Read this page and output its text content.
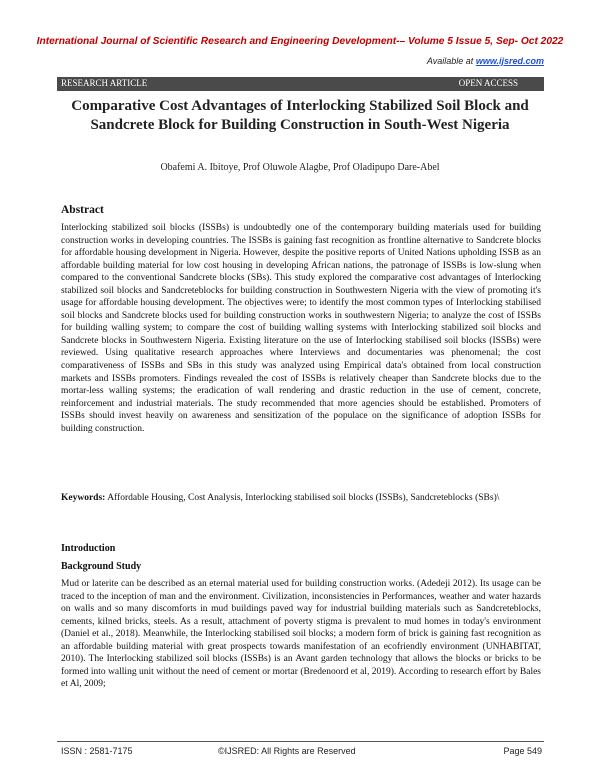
International Journal of Scientific Research and Engineering Development-– Volume 5 Issue 5, Sep- Oct 2022
Available at www.ijsred.com
RESEARCH ARTICLE	OPEN ACCESS
Comparative Cost Advantages of Interlocking Stabilized Soil Block and Sandcrete Block for Building Construction in South-West Nigeria
Obafemi A. Ibitoye, Prof Oluwole Alagbe, Prof Oladipupo Dare-Abel
Abstract
Interlocking stabilized soil blocks (ISSBs) is undoubtedly one of the contemporary building materials used for building construction works in developing countries. The ISSBs is gaining fast recognition as frontline alternative to Sandcrete blocks for affordable housing development in Nigeria. However, despite the positive reports of United Nations upholding ISSB as an affordable building material for low cost housing in developing African nations, the patronage of ISSBs is low-slung when compared to the conventional Sandcrete blocks (SBs). This study explored the comparative cost advantages of Interlocking stabilized soil blocks and Sandcreteblocks for building construction in Southwestern Nigeria with the view of promoting it's usage for affordable housing development. The objectives were; to identify the most common types of Interlocking stabilised soil blocks and Sandcrete blocks used for building construction works in southwestern Nigeria; to analyze the cost of ISSBs for building walling system; to compare the cost of building walling systems with Interlocking stabilized soil blocks and Sandcrete blocks in Southwestern Nigeria. Existing literature on the use of Interlocking stabilised soil blocks (ISSBs) were reviewed. Using qualitative research approaches where Interviews and documentaries was phenomenal; the cost comparativeness of ISSBs and SBs in this study was analyzed using Empirical data's obtained from local construction markets and ISSBs promoters. Findings revealed the cost of ISSBs is relatively cheaper than Sandcrete blocks due to the mortar-less walling systems; the eradication of wall rendering and drastic reduction in the use of cement, concrete, reinforcement and industrial materials. The study recommended that more agencies should be established. Promoters of ISSBs should invest heavily on awareness and sensitization of the populace on the significance of adoption ISSBs for building construction.
Keywords: Affordable Housing, Cost Analysis, Interlocking stabilised soil blocks (ISSBs), Sandcreteblocks (SBs)\
Introduction
Background Study
Mud or laterite can be described as an eternal material used for building construction works. (Adedeji 2012). Its usage can be traced to the inception of man and the environment. Civilization, inconsistencies in Performances, weather and water hazards on walls and so many discomforts in mud buildings paved way for industrial building materials such as Sandcreteblocks, cements, kilned bricks, steels. As a result, attachment of poverty stigma is prevalent to mud homes in today's environment (Daniel et al., 2018). Meanwhile, the Interlocking stabilised soil blocks; a modern form of brick is gaining fast recognition as an affordable building material with great prospects towards manifestation of an ecofriendly environment (UNHABITAT, 2010). The Interlocking stabilized soil blocks (ISSBs) is an Avant garden technology that allows the blocks or bricks to be formed into walling unit without the need of cement or mortar (Bredenoord et al, 2019). According to research effort by Bales et Al, 2009;
ISSN : 2581-7175	©IJSRED: All Rights are Reserved	Page 549
